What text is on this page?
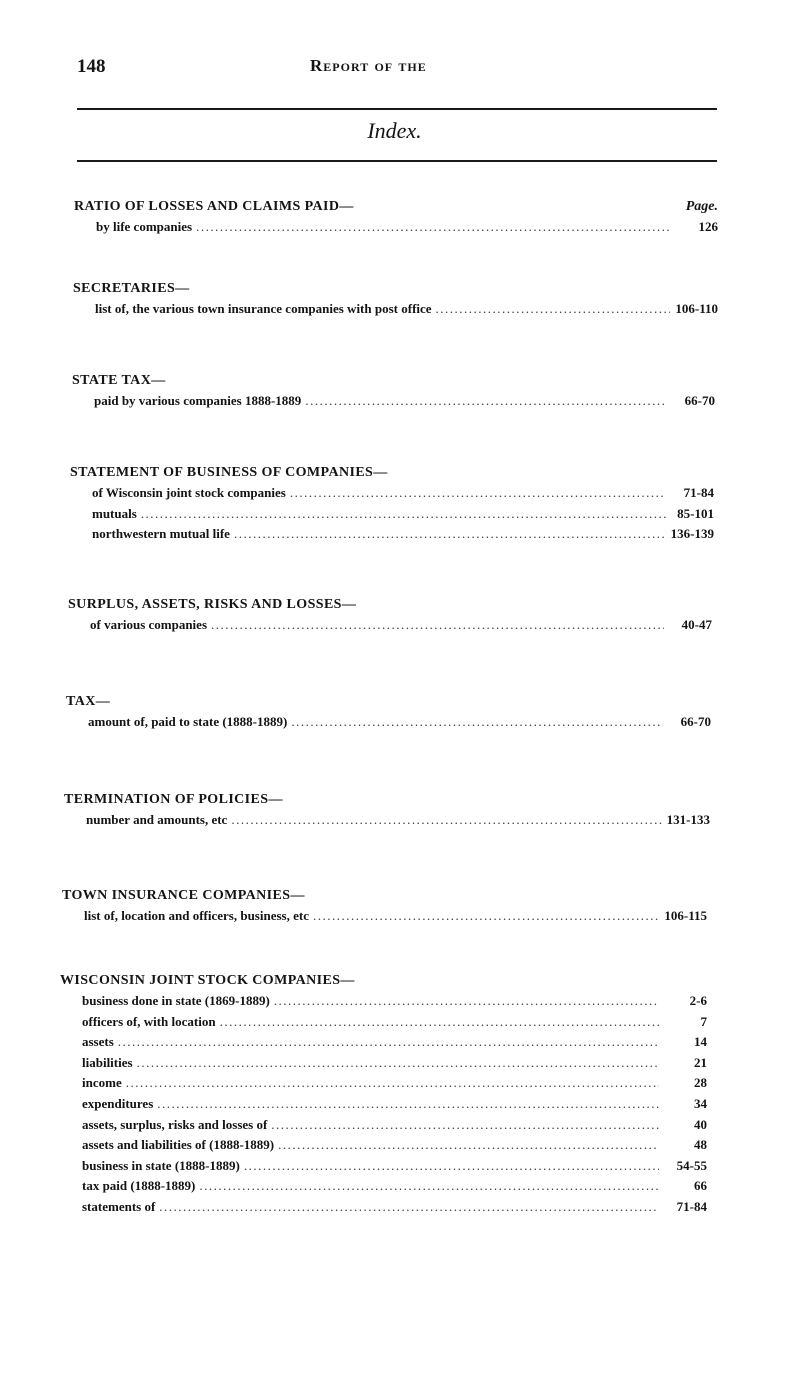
148	Report of the
Index.
Page.
RATIO OF LOSSES AND CLAIMS PAID—
by life companies .....	126
SECRETARIES—
list of, the various town insurance companies with post office .....	106-110
STATE TAX—
paid by various companies 1888-1889 .....	66-70
STATEMENT OF BUSINESS OF COMPANIES—
of Wisconsin joint stock companies .....	71-84
mutuals .....	85-101
northwestern mutual life .....	136-139
SURPLUS, ASSETS, RISKS AND LOSSES—
of various companies .....	40-47
TAX—
amount of, paid to state (1888-1889) .....	66-70
TERMINATION OF POLICIES—
number and amounts, etc .....	131-133
TOWN INSURANCE COMPANIES—
list of, location and officers, business, etc .....	106-115
WISCONSIN JOINT STOCK COMPANIES—
business done in state (1869-1889) .....	2-6
officers of, with location .....	7
assets .....	14
liabilities .....	21
income .....	28
expenditures .....	34
assets, surplus, risks and losses of .....	40
assets and liabilities of (1888-1889) .....	48
business in state (1888-1889) .....	54-55
tax paid (1888-1889) .....	66
statements of .....	71-84
